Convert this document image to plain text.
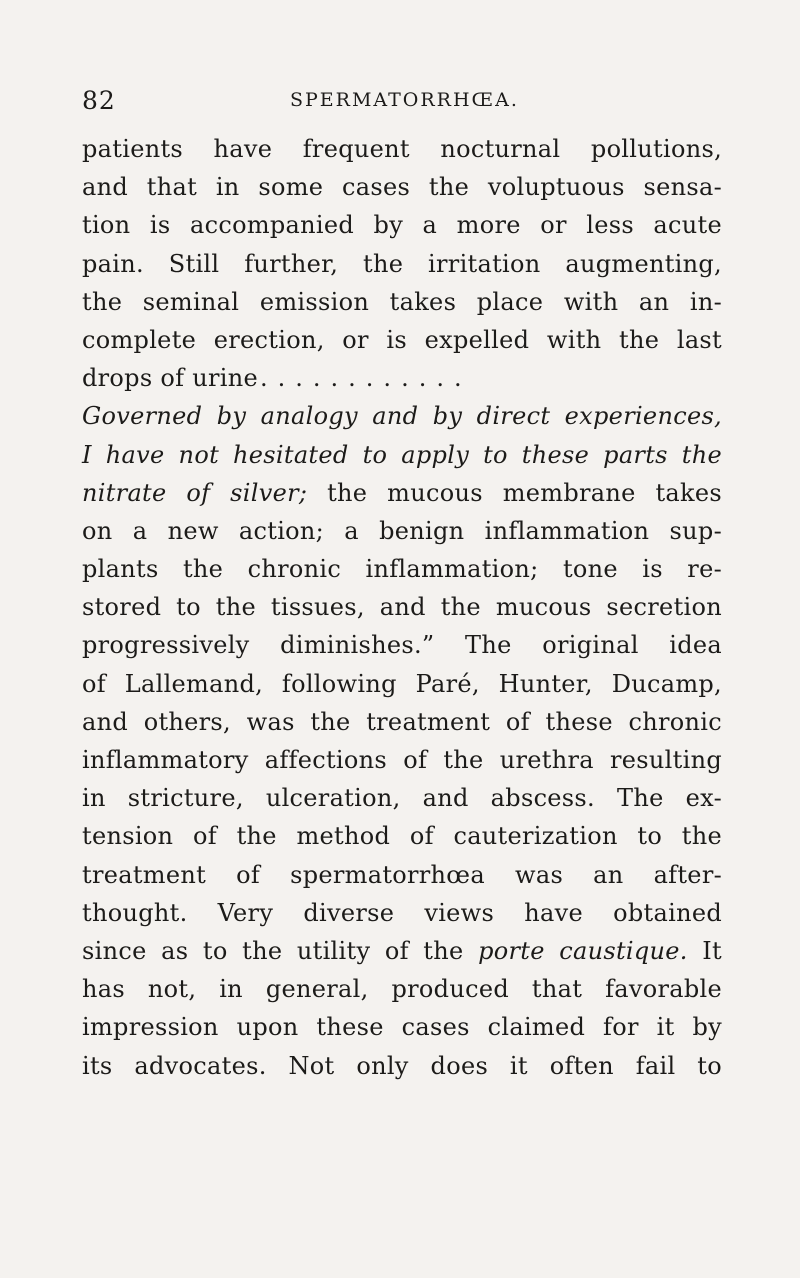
82	SPERMATORRHŒA.
patients have frequent nocturnal pollutions,
and that in some cases the voluptuous sensa-
tion is accompanied by a more or less acute
pain. Still further, the irritation augmenting,
the seminal emission takes place with an in-
complete erection, or is expelled with the last
drops of urine............
Governed by analogy and by direct experiences,
I have not hesitated to apply to these parts the
nitrate of silver; the mucous membrane takes
on a new action; a benign inflammation sup-
plants the chronic inflammation; tone is re-
stored to the tissues, and the mucous secretion
progressively diminishes.” The original idea
of Lallemand, following Paré, Hunter, Ducamp,
and others, was the treatment of these chronic
inflammatory affections of the urethra resulting
in stricture, ulceration, and abscess. The ex-
tension of the method of cauterization to the
treatment of spermatorrhœa was an after-
thought. Very diverse views have obtained
since as to the utility of the porte caustique. It
has not, in general, produced that favorable
impression upon these cases claimed for it by
its advocates. Not only does it often fail to
